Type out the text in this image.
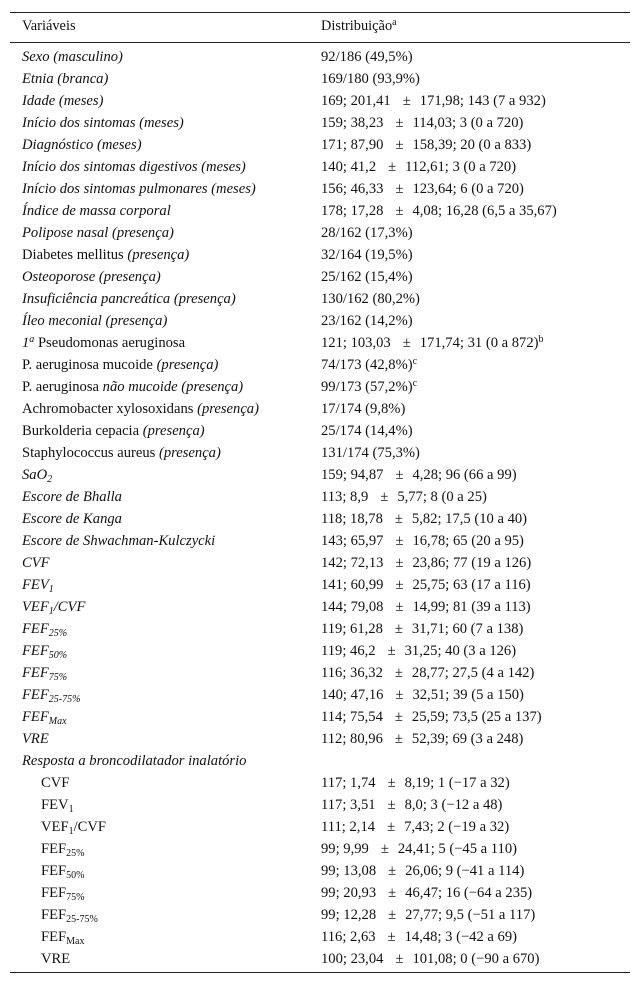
Variáveis	Distribuição$^a$
Sexo (masculino)	92/186 (49,5%)
Etnia (branca)	169/180 (93,9%)
Idade (meses)	169; 201,41 ± 171,98; 143 (7 a 932)
Início dos sintomas (meses)	159; 38,23 ± 114,03; 3 (0 a 720)
Diagnóstico (meses)	171; 87,90 ± 158,39; 20 (0 a 833)
Início dos sintomas digestivos (meses)	140; 41,2 ± 112,61; 3 (0 a 720)
Início dos sintomas pulmonares (meses)	156; 46,33 ± 123,64; 6 (0 a 720)
Índice de massa corporal	178; 17,28 ± 4,08; 16,28 (6,5 a 35,67)
Polipose nasal (presença)	28/162 (17,3%)
Diabetes mellitus (presença)	32/164 (19,5%)
Osteoporose (presença)	25/162 (15,4%)
Insuficiência pancreática (presença)	130/162 (80,2%)
Íleo meconial (presença)	23/162 (14,2%)
1$^a$ Pseudomonas aeruginosa	121; 103,03 ± 171,74; 31 (0 a 872)$^b$
P. aeruginosa mucoide (presença)	74/173 $(42,8\%)^c$
P. aeruginosa não mucoide (presença)	99/173 $(57,2\%)^c$
Achromobacter xylosoxidans (presença)	17/174 (9,8%)
Burkolderia cepacia (presença)	25/174 (14,4%)
Staphylococcus aureus (presença)	131/174 (75,3%)
SaO$_2$	159; 94,87 ± 4,28; 96 (66 a 99)
Escore de Bhalla	113; 8,9 ± 5,77; 8 (0 a 25)
Escore de Kanga	118; 18,78 ± 5,82; 17,5 (10 a 40)
Escore de Shwachman-Kulczycki	143; 65,97 ± 16,78; 65 (20 a 95)
CVF	142; 72,13 ± 23,86; 77 (19 a 126)
$FEV_1$	141; 60,99 ± 25,75; 63 (17 a 116)
$VEF_1$/CVF	144; 79,08 ± 14,99; 81 (39 a 113)
$FEF_{25\%}$	119; 61,28 ± 31,71; 60 (7 a 138)
$FEF_{50\%}$	119; 46,2 ± 31,25; 40 (3 a 126)
$FEF_{75\%}$	116; 36,32 ± 28,77; 27,5 (4 a 142)
$FEF_{25-75\%}$	140; 47,16 ± 32,51; 39 (5 a 150)
$FEF_{Max}$	114; 75,54 ± 25,59; 73,5 (25 a 137)
VRE	112; 80,96 ± 52,39; 69 (3 a 248)
Resposta a broncodilatador inalatório
CVF	117; 1,74 ± 8,19; 1 (−17 a 32)
$FEV_1$	117; 3,51 ± 8,0; 3 (−12 a 48)
$VEF_1$/CVF	111; 2,14 ± 7,43; 2 (−19 a 32)
$FEF_{25\%}$	99; 9,99 ± 24,41; 5 (−45 a 110)
$FEF_{50\%}$	99; 13,08 ± 26,06; 9 (−41 a 114)
$FEF_{75\%}$	99; 20,93 ± 46,47; 16 (−64 a 235)
$FEF_{25-75\%}$	99; 12,28 ± 27,77; 9,5 (−51 a 117)
$FEF_{Max}$	116; 2,63 ± 14,48; 3 (−42 a 69)
VRE	100; 23,04 ± 101,08; 0 (−90 a 670)
